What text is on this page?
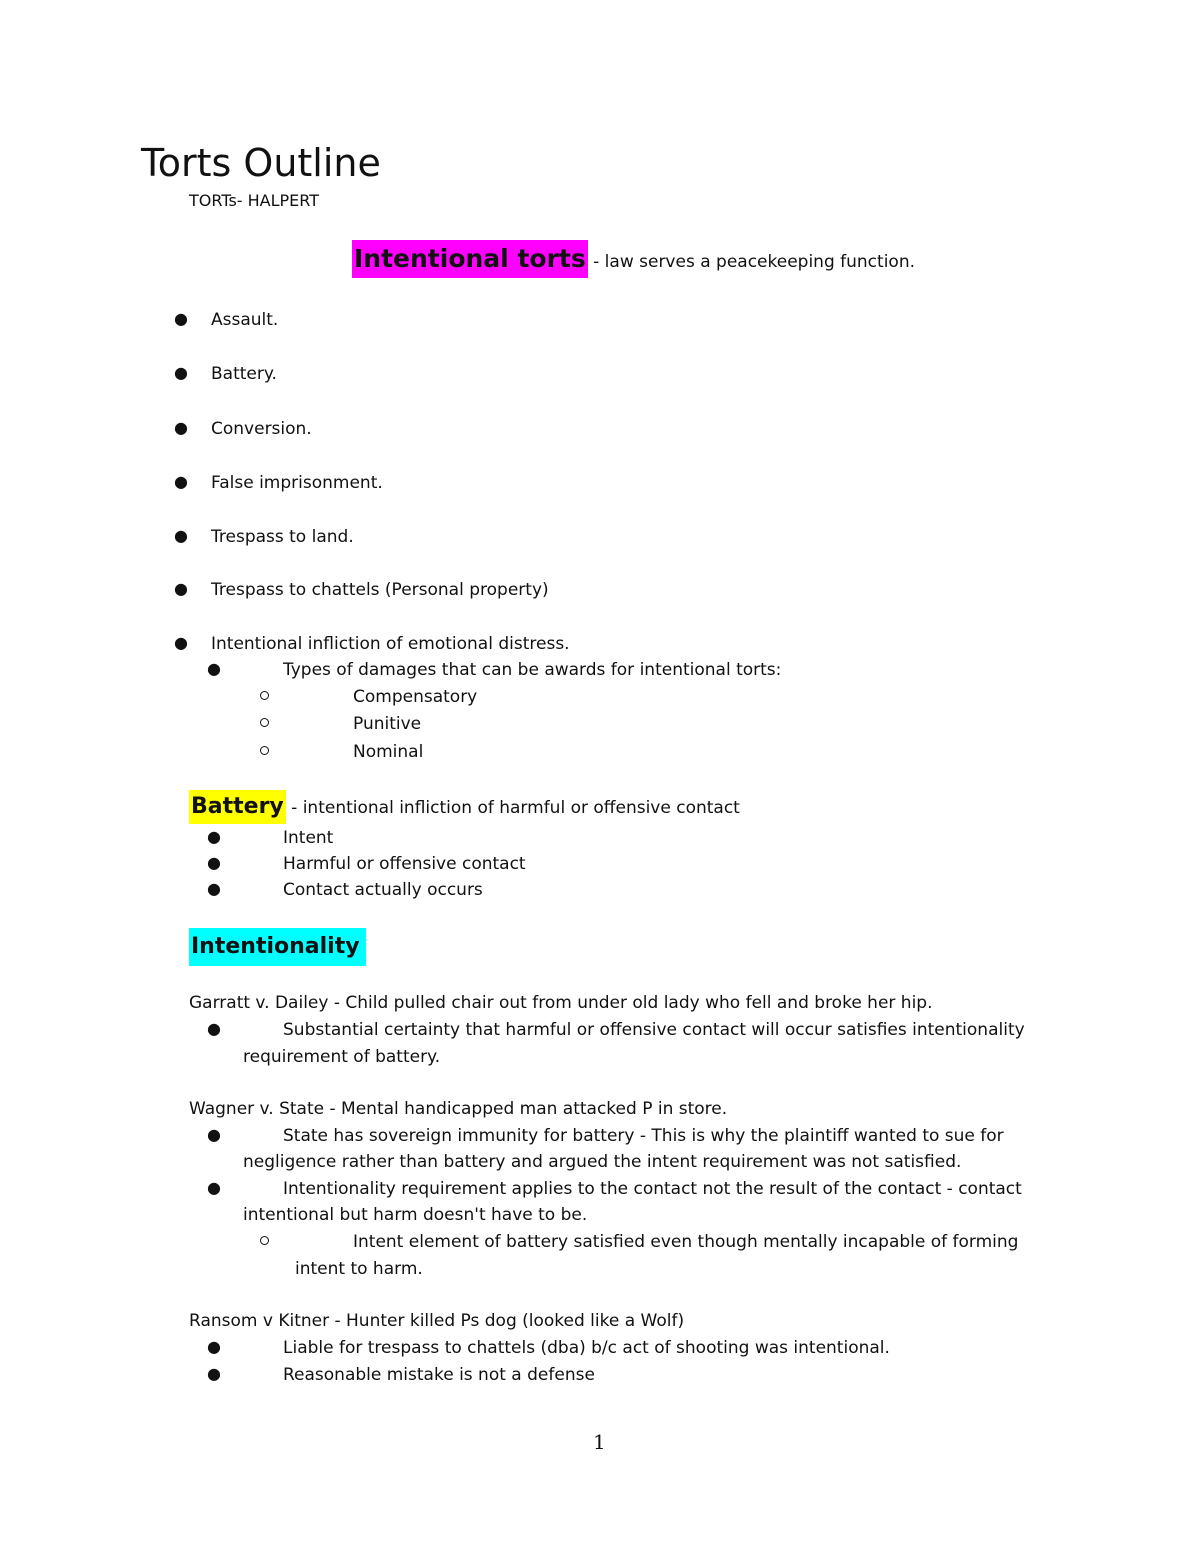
Torts Outline
TORTs- HALPERT
Intentional torts - law serves a peacekeeping function.
● Assault.
● Battery.
● Conversion.
● False imprisonment.
● Trespass to land.
● Trespass to chattels (Personal property)
● Intentional infliction of emotional distress.
●	Types of damages that can be awards for intentional torts:
Compensatory
Punitive
Nominal
Battery - intentional infliction of harmful or offensive contact
●	Intent
●	Harmful or offensive contact
●	Contact actually occurs
Intentionality
Garratt v. Dailey - Child pulled chair out from under old lady who fell and broke her hip.
●	Substantial certainty that harmful or offensive contact will occur satisfies intentionality
requirement of battery.
Wagner v. State - Mental handicapped man attacked P in store.
●	State has sovereign immunity for battery - This is why the plaintiff wanted to sue for
negligence rather than battery and argued the intent requirement was not satisfied.
●	Intentionality requirement applies to the contact not the result of the contact - contact
intentional but harm doesn't have to be.
Intent element of battery satisfied even though mentally incapable of forming
intent to harm.
Ransom v Kitner - Hunter killed Ps dog (looked like a Wolf)
●	Liable for trespass to chattels (dba) b/c act of shooting was intentional.
●	Reasonable mistake is not a defense
1
